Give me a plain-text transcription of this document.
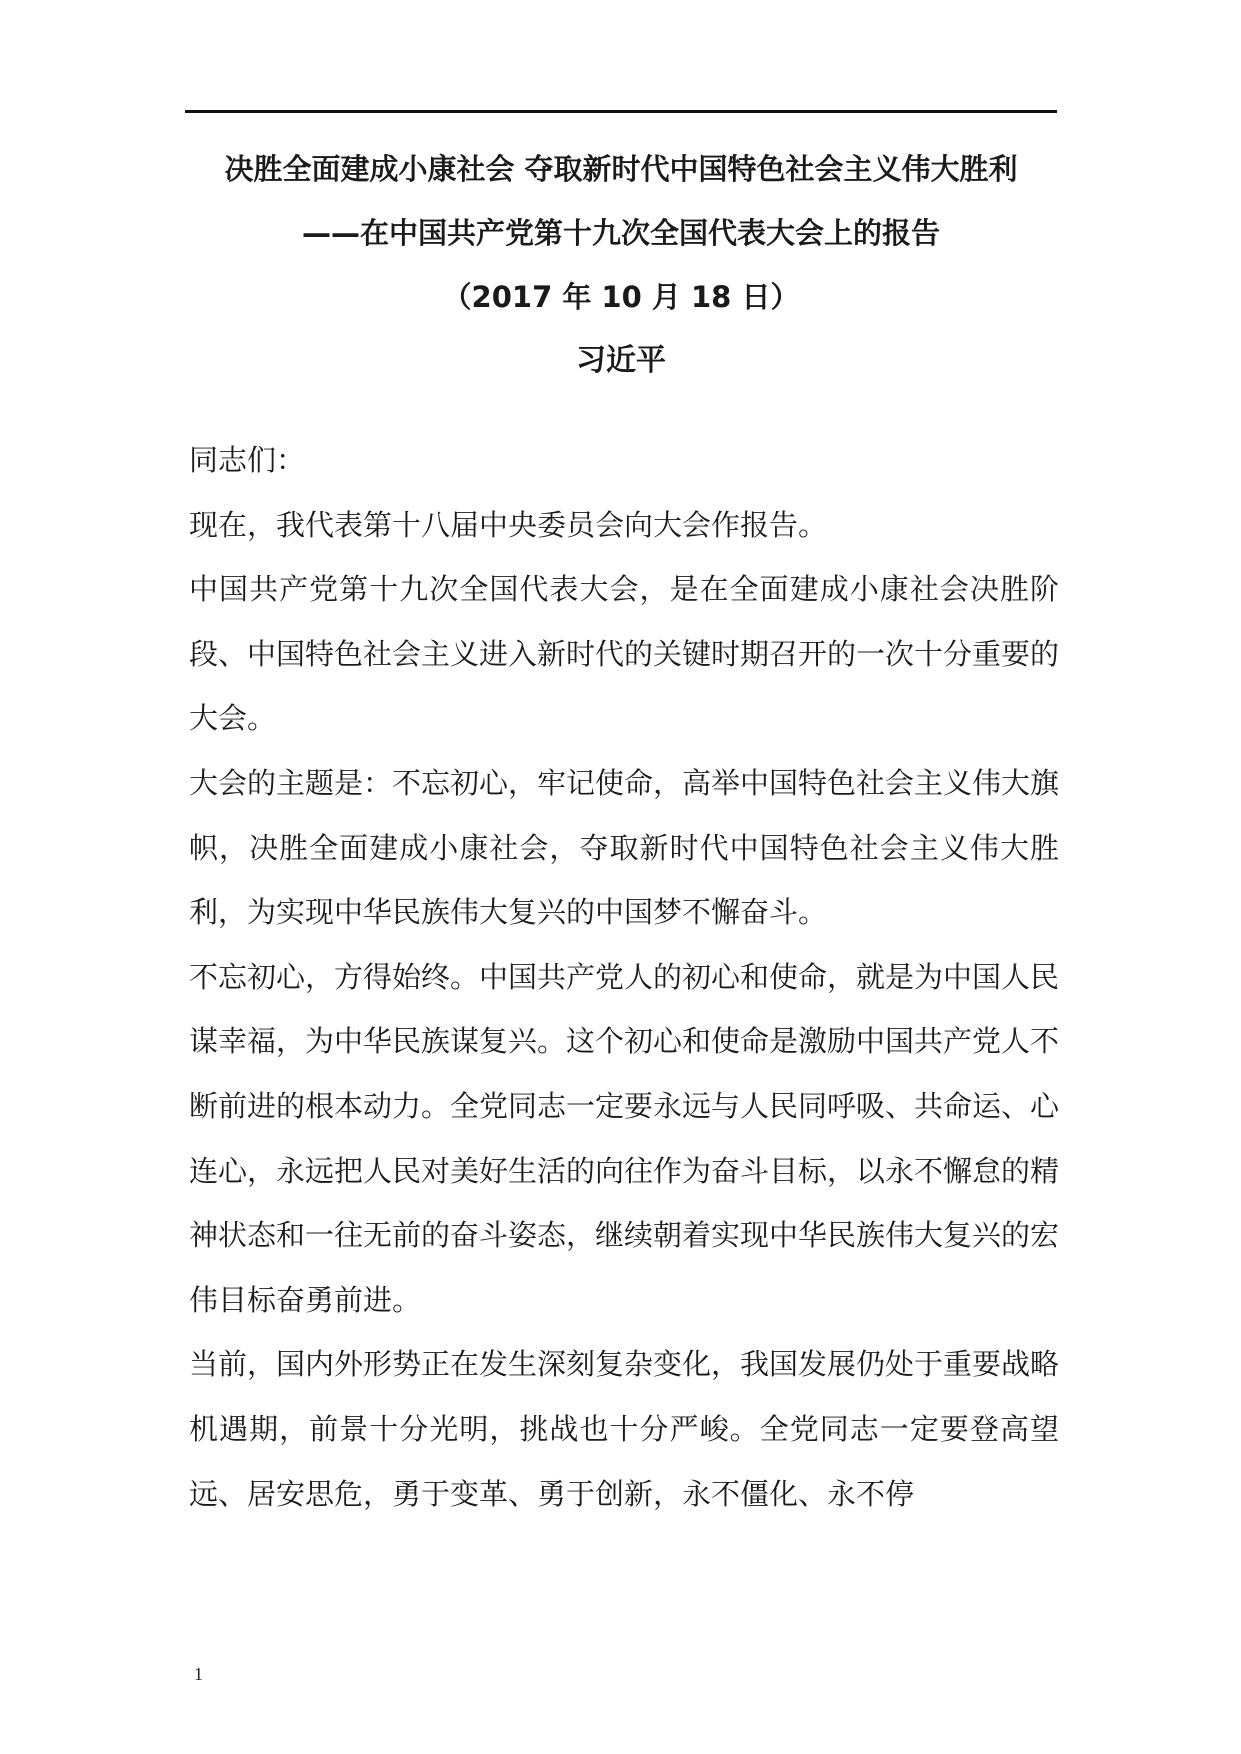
决胜全面建成小康社会 夺取新时代中国特色社会主义伟大胜利
——在中国共产党第十九次全国代表大会上的报告
（2017 年 10 月 18 日）
习近平

同志们：

现在，我代表第十八届中央委员会向大会作报告。

中国共产党第十九次全国代表大会，是在全面建成小康社会决胜阶段、中国特色社会主义进入新时代的关键时期召开的一次十分重要的大会。

大会的主题是：不忘初心，牢记使命，高举中国特色社会主义伟大旗帜，决胜全面建成小康社会，夺取新时代中国特色社会主义伟大胜利，为实现中华民族伟大复兴的中国梦不懈奋斗。

不忘初心，方得始终。中国共产党人的初心和使命，就是为中国人民谋幸福，为中华民族谋复兴。这个初心和使命是激励中国共产党人不断前进的根本动力。全党同志一定要永远与人民同呼吸、共命运、心连心，永远把人民对美好生活的向往作为奋斗目标，以永不懈怠的精神状态和一往无前的奋斗姿态，继续朝着实现中华民族伟大复兴的宏伟目标奋勇前进。

当前，国内外形势正在发生深刻复杂变化，我国发展仍处于重要战略机遇期，前景十分光明，挑战也十分严峻。全党同志一定要登高望远、居安思危，勇于变革、勇于创新，永不僵化、永不停

1
